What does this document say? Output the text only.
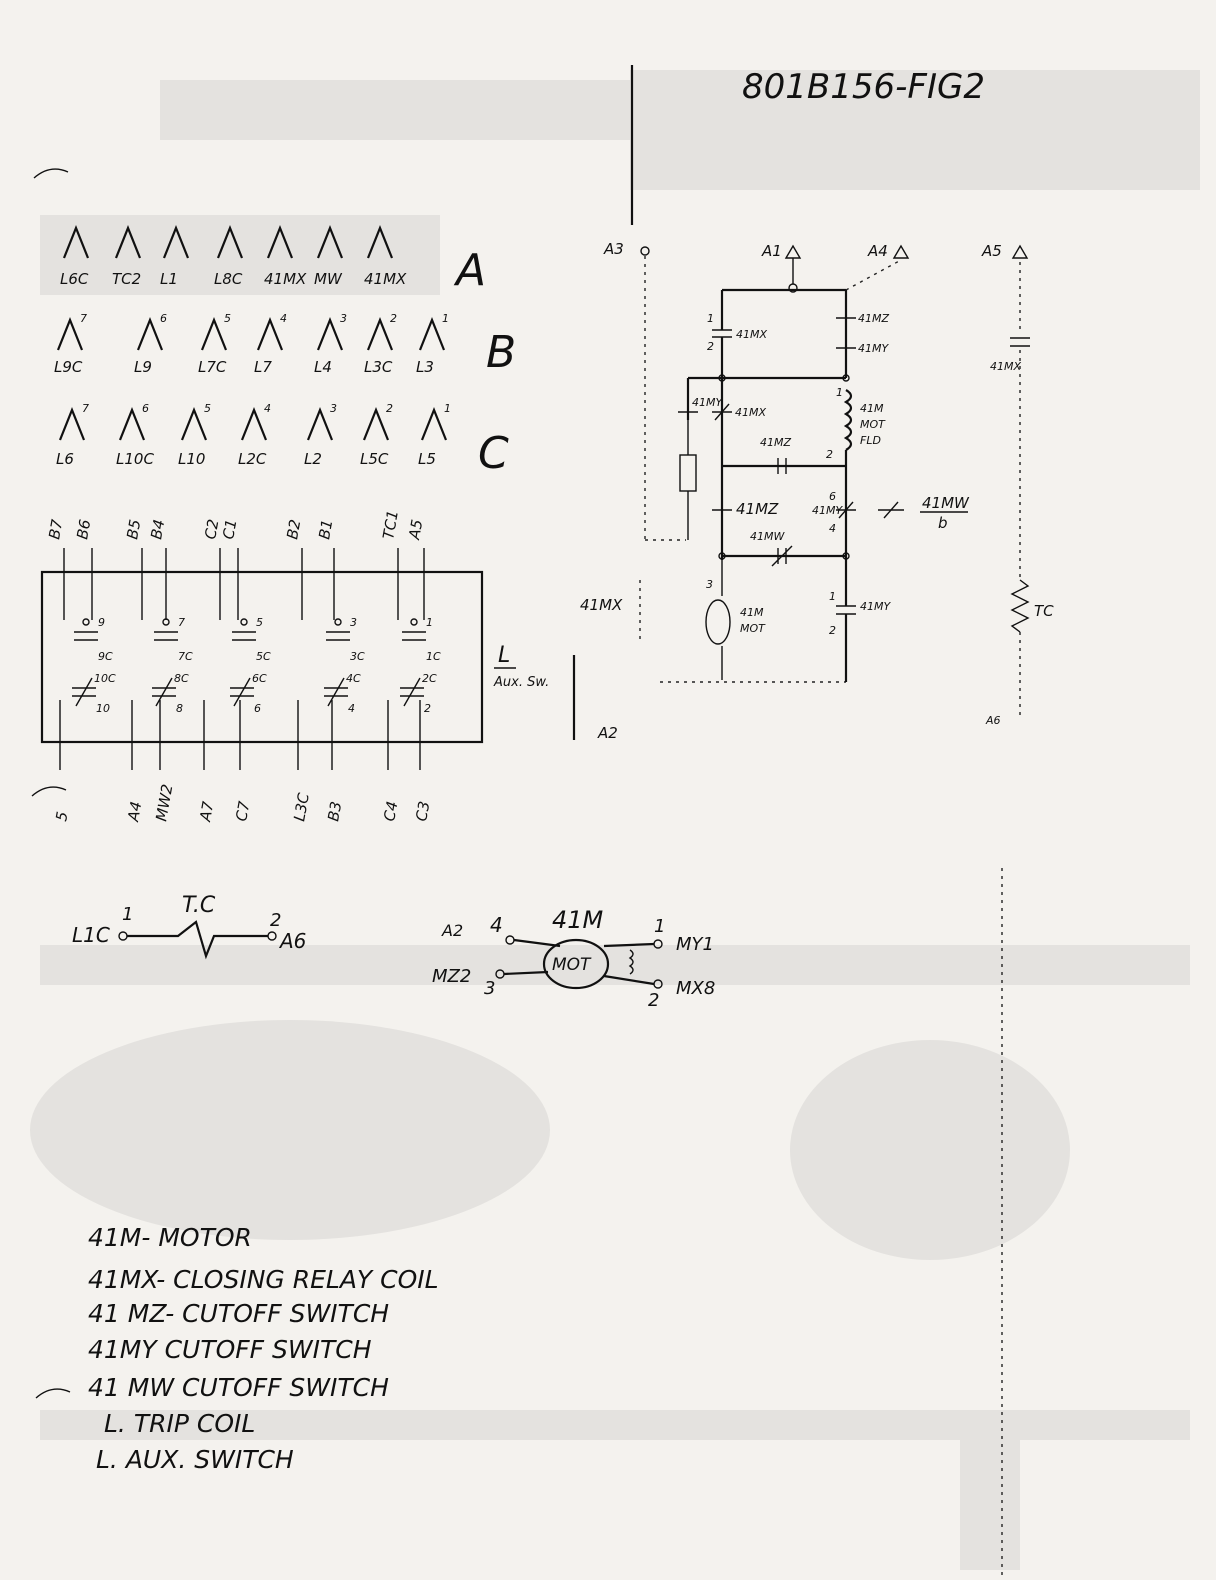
801B156-FIG2
L6C TC2 L1 L8C 41MX MW 41MX
7
L9C
6
L9
5
L7C
4
L7
3
L4
2
L3C
1
L3
7
L6
6
L10C
5
L10
4
L2C
3
L2
2
L5C
1
L5
A
B
C
B7 B6 B5 B4 C2
C1	B2 B1	TC1 A5
5	A4 MW2 A7 C7 L3C B3 C4 C3
9
9C
7
7C
5
5C
3
3C
1
1C
10C
10
8C
8
6C
6
4C
4
2C
2
L
Aux. Sw.
A3
41MX
A2
A1	A4
41MX
1
2
41MZ
41MY
41MY
41MX	41M
MOT
FLD
1
41MZ
2
41MZ	41MY
6
4
41MW
b
41MW
41M
MOT
3
41MY
1
2
A5
41MX
TC
A6
L1C
1 T.C
2
A6	A2 4 41M	1
MY1
MZ2
3
2
MX8
MOT
41M- MOTOR
41MX- CLOSING RELAY COIL
41 MZ- CUTOFF SWITCH
41MY CUTOFF SWITCH
41 MW CUTOFF SWITCH
L. TRIP COIL
L. AUX. SWITCH
